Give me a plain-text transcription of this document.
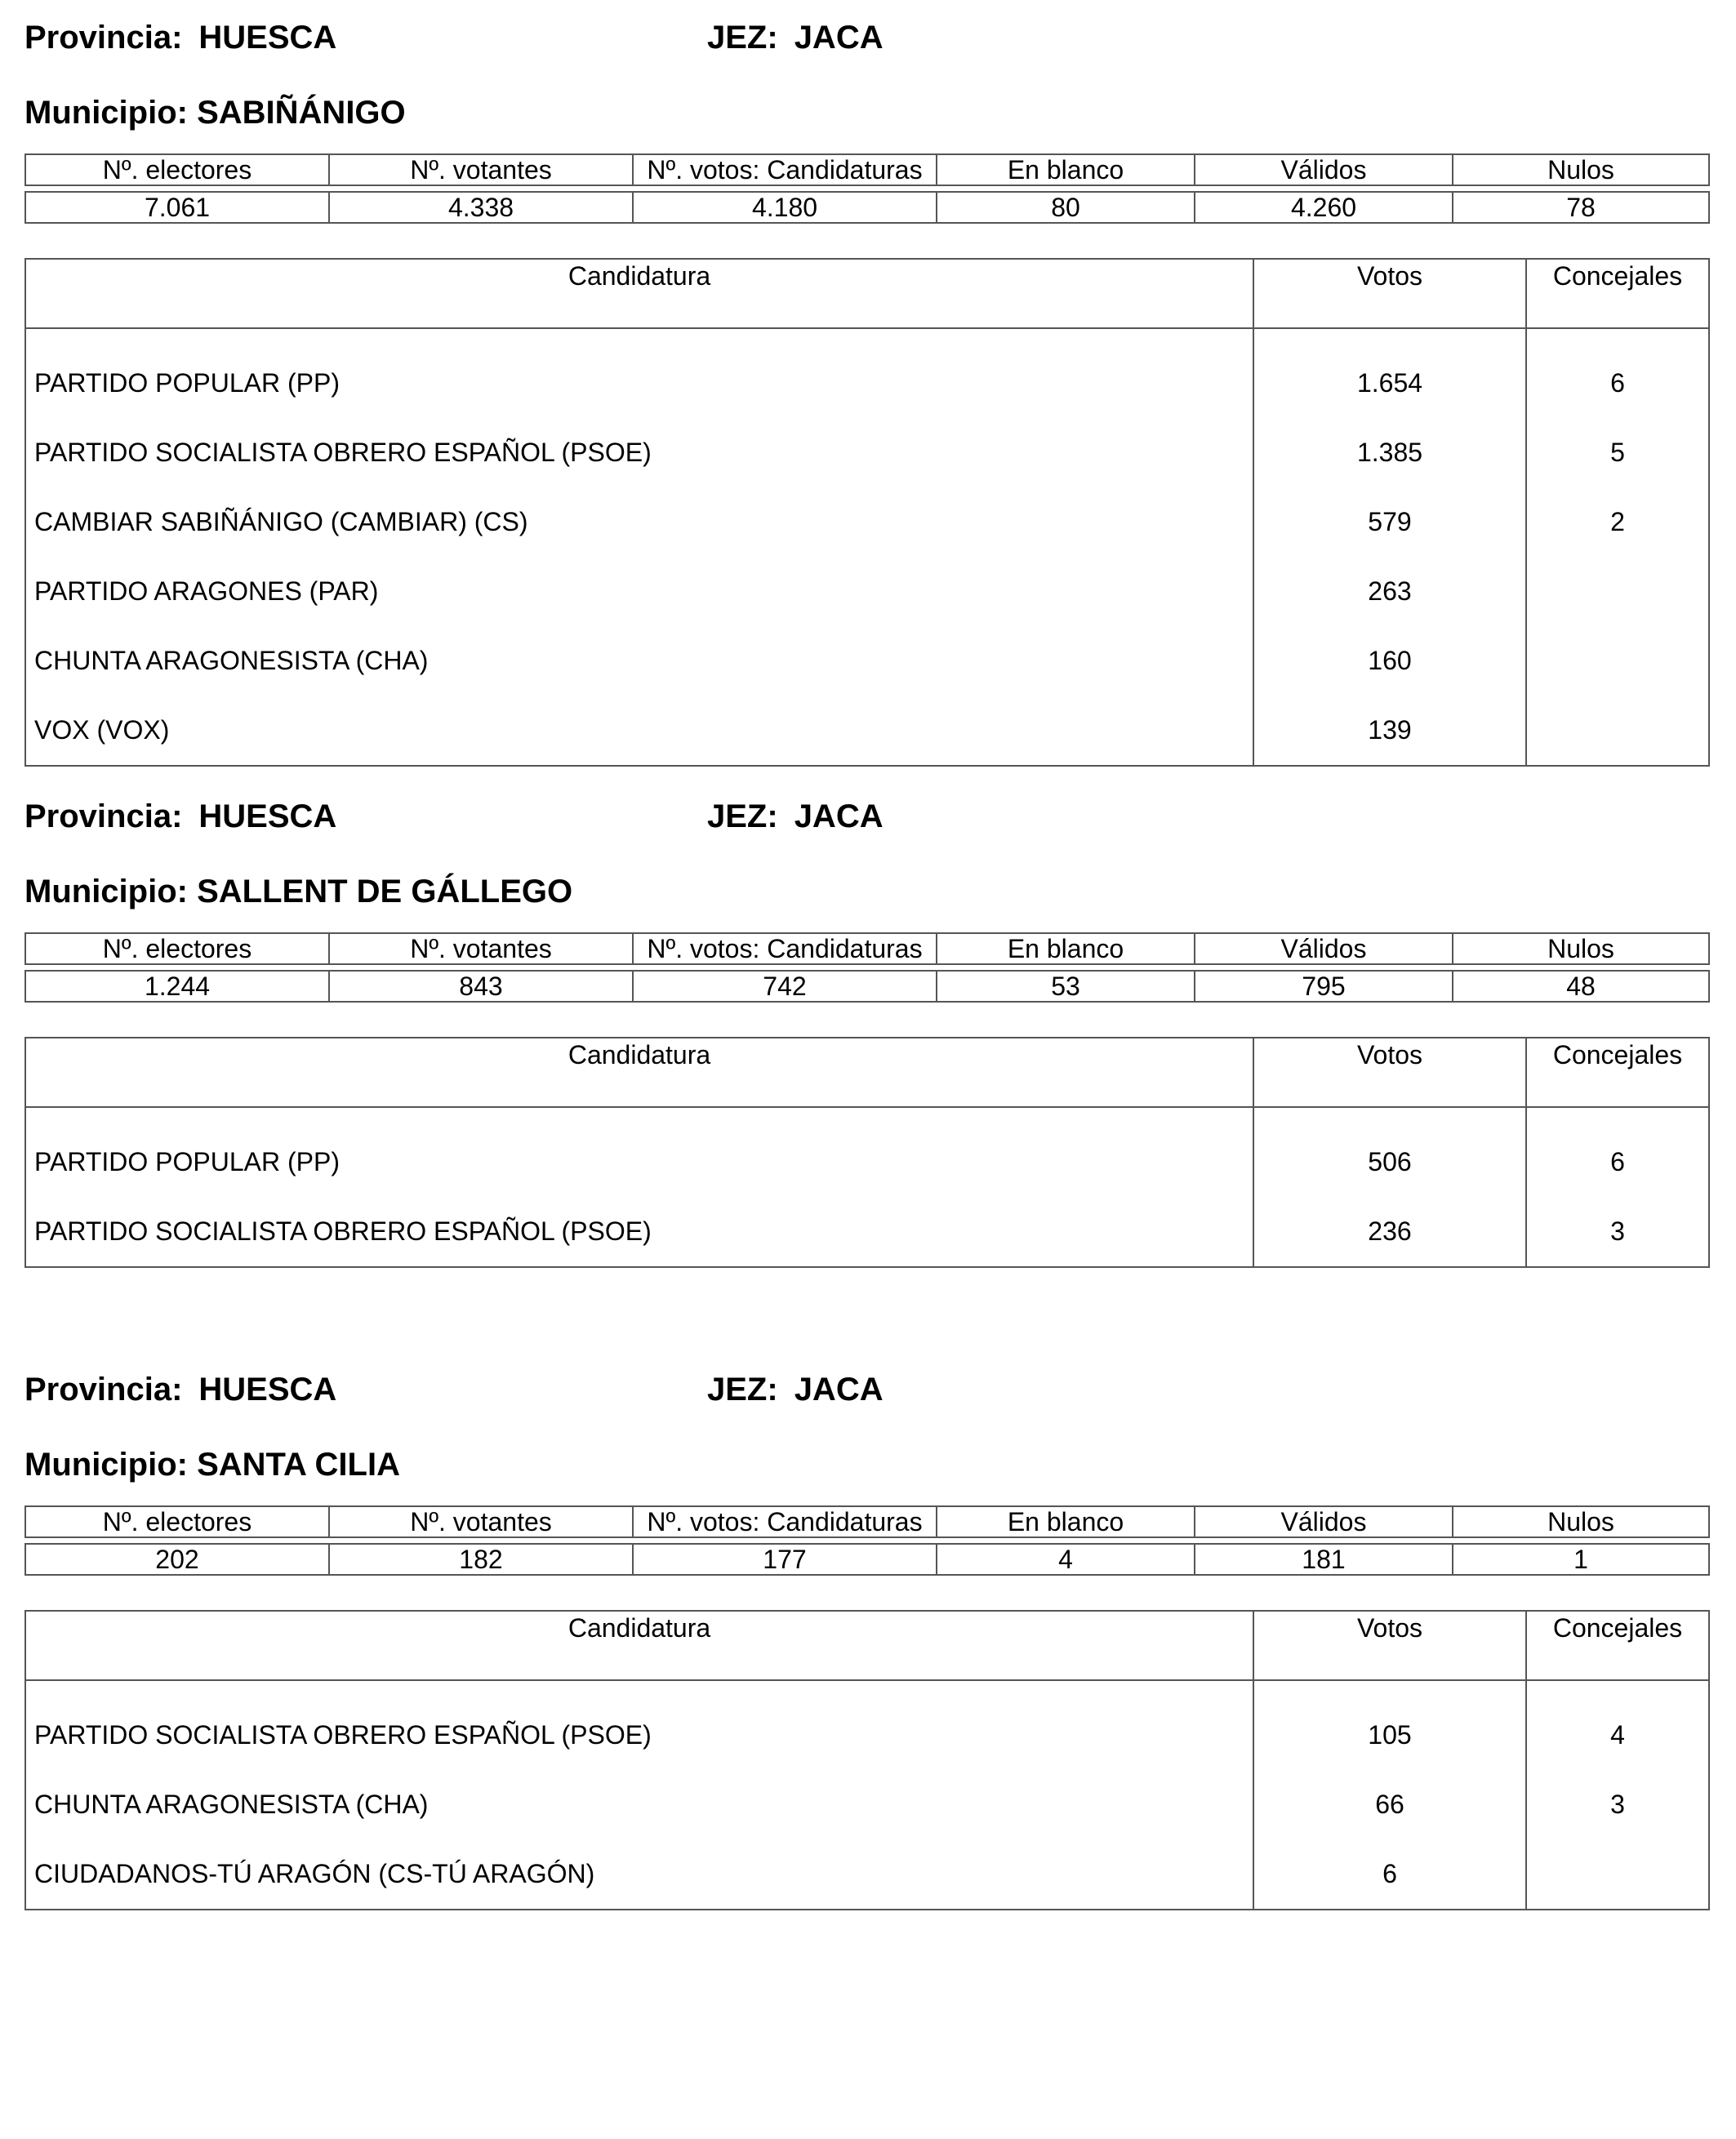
Provincia: HUESCA	JEZ: JACA
Municipio: SABIÑÁNIGO
Nº. electores	Nº. votantes	Nº. votos: Candidaturas	En blanco	Válidos	Nulos

7.061	4.338	4.180	80	4.260	78
Candidatura	Votos	Concejales
PARTIDO POPULAR (PP)	1.654	6
PARTIDO SOCIALISTA OBRERO ESPAÑOL (PSOE)	1.385	5
CAMBIAR SABIÑÁNIGO (CAMBIAR) (CS)	579	2
PARTIDO ARAGONES (PAR)	263	
CHUNTA ARAGONESISTA (CHA)	160	
VOX (VOX)	139	
Provincia: HUESCA	JEZ: JACA
Municipio: SALLENT DE GÁLLEGO
Nº. electores	Nº. votantes	Nº. votos: Candidaturas	En blanco	Válidos	Nulos

1.244	843	742	53	795	48
Candidatura	Votos	Concejales
PARTIDO POPULAR (PP)	506	6
PARTIDO SOCIALISTA OBRERO ESPAÑOL (PSOE)	236	3
Provincia: HUESCA	JEZ: JACA
Municipio: SANTA CILIA
Nº. electores	Nº. votantes	Nº. votos: Candidaturas	En blanco	Válidos	Nulos

202	182	177	4	181	1
Candidatura	Votos	Concejales
PARTIDO SOCIALISTA OBRERO ESPAÑOL (PSOE)	105	4
CHUNTA ARAGONESISTA (CHA)	66	3
CIUDADANOS-TÚ ARAGÓN (CS-TÚ ARAGÓN)	6	
